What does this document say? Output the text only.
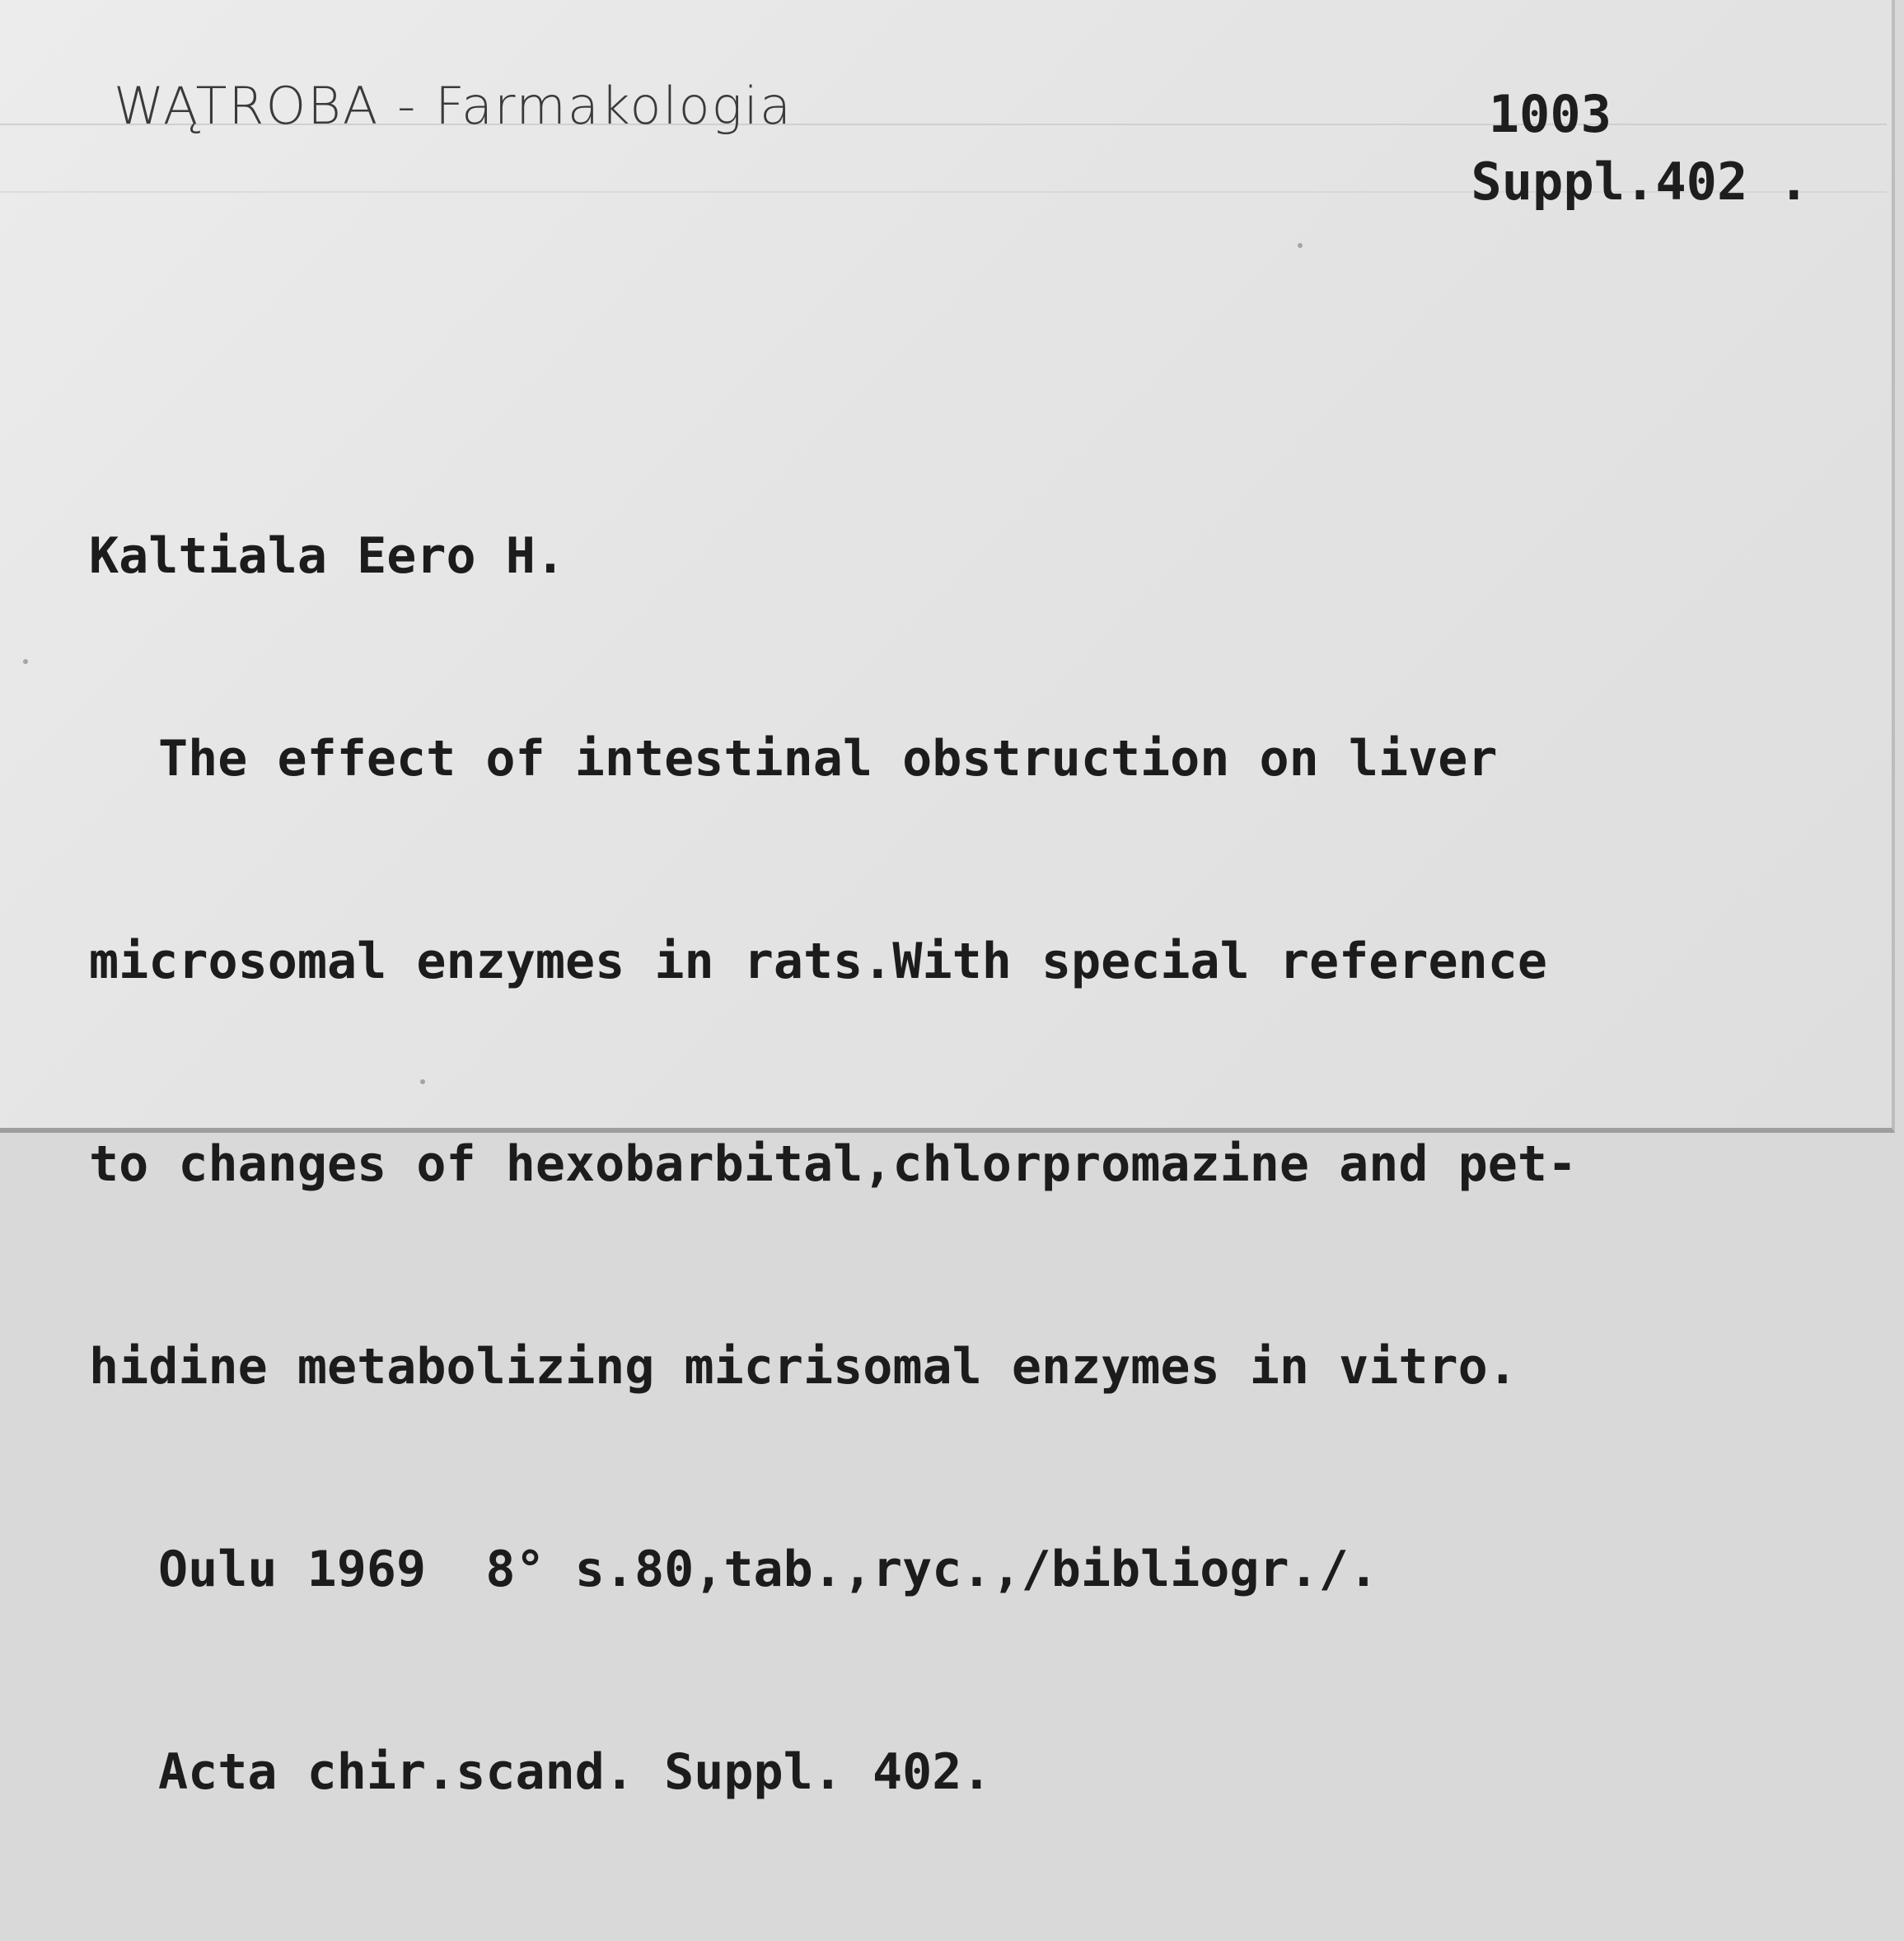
WĄTROBA - Farmakologia	1003
Suppl.402 .

Kaltiala Eero H.

The effect of intestinal obstruction on liver

microsomal enzymes in rats.With special reference

to changes of hexobarbital,chlorpromazine and pet-

hidine metabolizing micrisomal enzymes in vitro.

Oulu 1969  8° s.80,tab.,ryc.,/bibliogr./.

Acta chir.scand. Suppl. 402.
